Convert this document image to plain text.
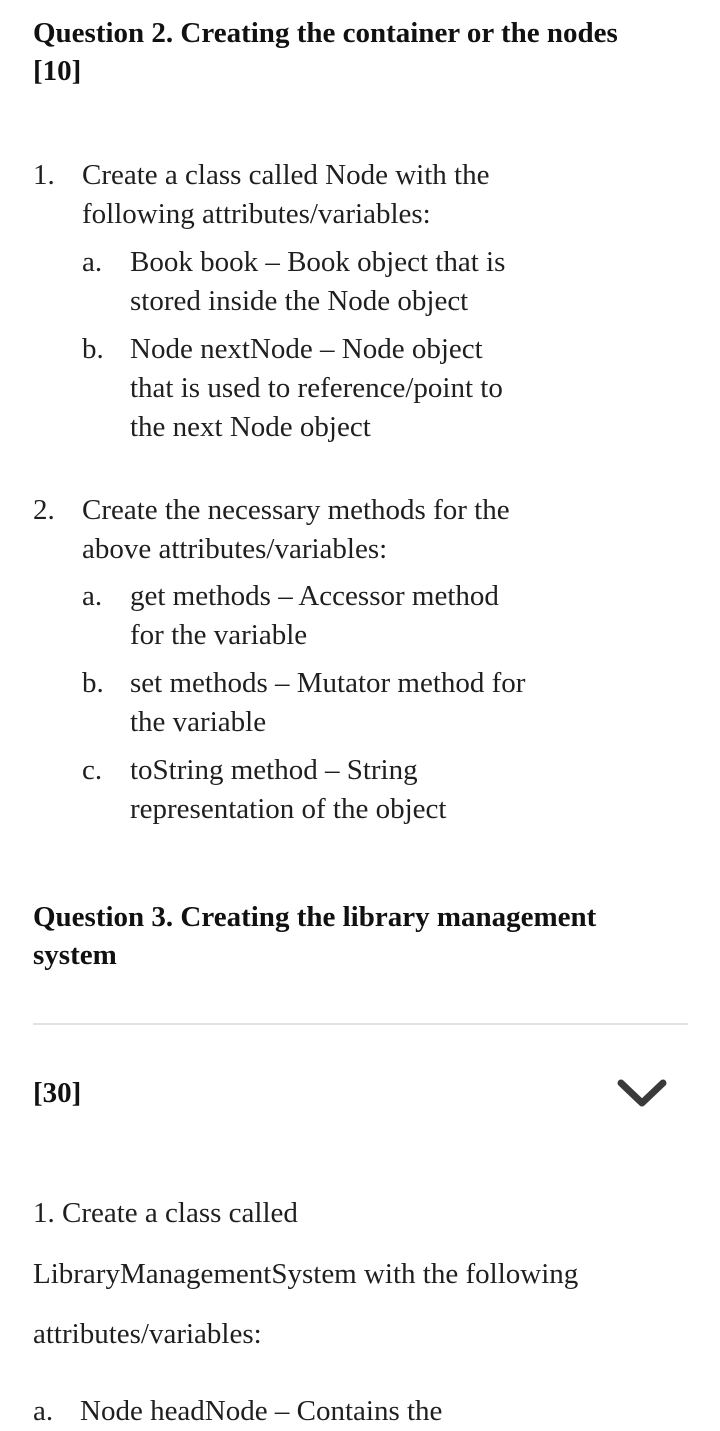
Question 2. Creating the container or the nodes
[10]
1. Create a class called Node with the
following attributes/variables:
a. Book book – Book object that is
stored inside the Node object
b. Node nextNode – Node object
that is used to reference/point to
the next Node object
2. Create the necessary methods for the
above attributes/variables:
a. get methods – Accessor method
for the variable
b. set methods – Mutator method for
the variable
c. toString method – String
representation of the object
Question 3. Creating the library management
system
[30]
1. Create a class called
LibraryManagementSystem with the following
attributes/variables:
a. Node headNode – Contains the
